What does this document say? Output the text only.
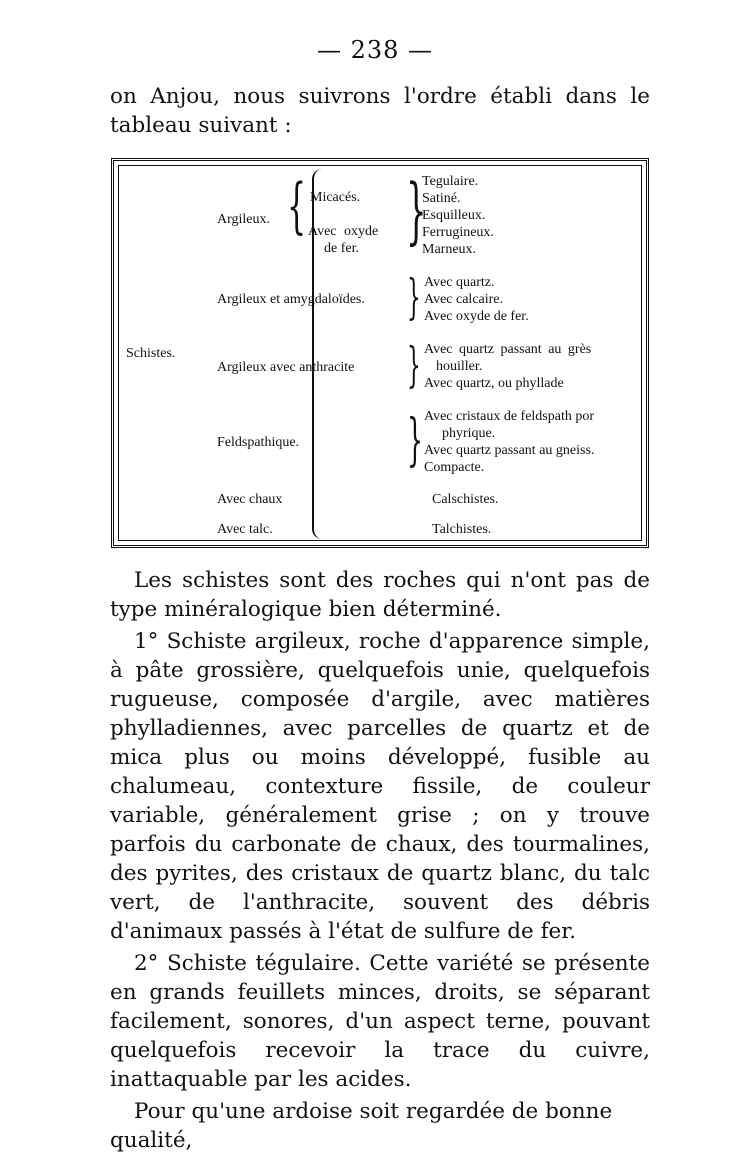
— 238 —

on Anjou, nous suivrons l'ordre établi dans le tableau suivant :

Schistes.
Argileux. { Micacés.
Avec oxyde
de fer. }
Tegulaire.
Satiné.
Esquilleux.
Ferrugineux.
Marneux.
Argileux et amygdaloïdes. } Avec quartz.
Avec calcaire.
Avec oxyde de fer.
Argileux avec anthracite } Avec quartz passant au grès
houiller.
Avec quartz, ou phyllade
Feldspathique. } Avec cristaux de feldspath por
phyrique.
Avec quartz passant au gneiss.
Compacte.
Avec chaux	Calschistes.
Avec talc.	Talchistes.

Les schistes sont des roches qui n'ont pas de type minéralogique bien déterminé.

1° Schiste argileux, roche d'apparence simple, à pâte grossière, quelquefois unie, quelquefois rugueuse, composée d'argile, avec matières phylladiennes, avec parcelles de quartz et de mica plus ou moins développé, fusible au chalumeau, contexture fissile, de couleur variable, généralement grise ; on y trouve parfois du carbonate de chaux, des tourmalines, des pyrites, des cristaux de quartz blanc, du talc vert, de l'anthracite, souvent des débris d'animaux passés à l'état de sulfure de fer.

2° Schiste tégulaire. Cette variété se présente en grands feuillets minces, droits, se séparant facilement, sonores, d'un aspect terne, pouvant quelquefois recevoir la trace du cuivre, inattaquable par les acides.

Pour qu'une ardoise soit regardée de bonne qualité,
